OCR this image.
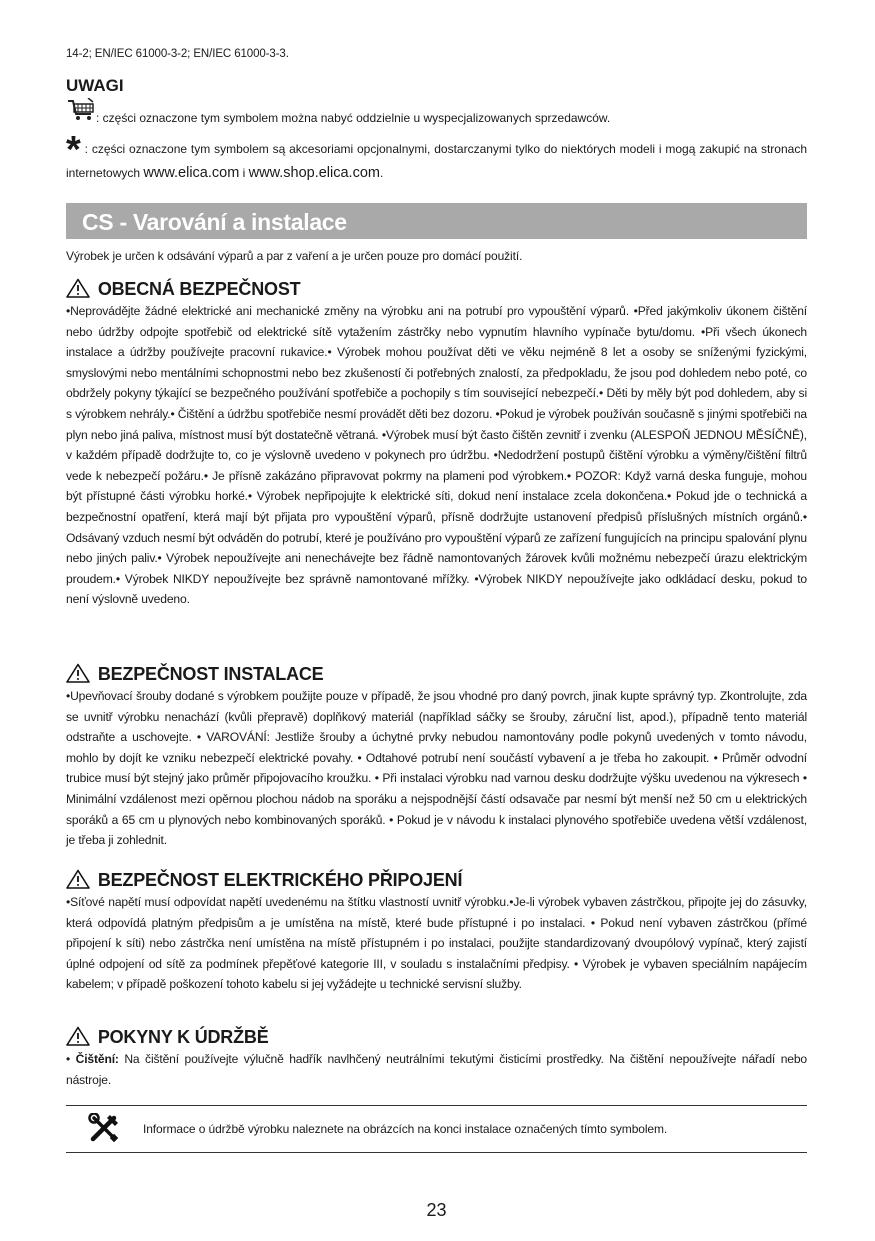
14-2; EN/IEC 61000-3-2; EN/IEC 61000-3-3.
UWAGI
: części oznaczone tym symbolem można nabyć oddzielnie u wyspecjalizowanych sprzedawców.
* : części oznaczone tym symbolem są akcesoriami opcjonalnymi, dostarczanymi tylko do niektórych modeli i mogą zakupić na stronach internetowych www.elica.com i www.shop.elica.com.
CS - Varování a instalace
Výrobek je určen k odsávání výparů a par z vaření a je určen pouze pro domácí použití.
OBECNÁ BEZPEČNOST
•Neprovádějte žádné elektrické ani mechanické změny na výrobku ani na potrubí pro vypouštění výparů. •Před jakýmkoliv úkonem čištění nebo údržby odpojte spotřebič od elektrické sítě vytažením zástrčky nebo vypnutím hlavního vypínače bytu/domu. •Při všech úkonech instalace a údržby používejte pracovní rukavice.• Výrobek mohou používat děti ve věku nejméně 8 let a osoby se sníženými fyzickými, smyslovými nebo mentálními schopnostmi nebo bez zkušeností či potřebných znalostí, za předpokladu, že jsou pod dohledem nebo poté, co obdržely pokyny týkající se bezpečného používání spotřebiče a pochopily s tím související nebezpečí.• Děti by měly být pod dohledem, aby si s výrobkem nehrály.• Čištění a údržbu spotřebiče nesmí provádět děti bez dozoru. •Pokud je výrobek používán současně s jinými spotřebiči na plyn nebo jiná paliva, místnost musí být dostatečně větraná. •Výrobek musí být často čištěn zevnitř i zvenku (ALESPOŇ JEDNOU MĚSÍČNĚ), v každém případě dodržujte to, co je výslovně uvedeno v pokynech pro údržbu. •Nedodržení postupů čištění výrobku a výměny/čištění filtrů vede k nebezpečí požáru.• Je přísně zakázáno připravovat pokrmy na plameni pod výrobkem.• POZOR: Když varná deska funguje, mohou být přístupné části výrobku horké.• Výrobek nepřipojujte k elektrické síti, dokud není instalace zcela dokončena.• Pokud jde o technická a bezpečnostní opatření, která mají být přijata pro vypouštění výparů, přísně dodržujte ustanovení předpisů příslušných místních orgánů.• Odsávaný vzduch nesmí být odváděn do potrubí, které je používáno pro vypouštění výparů ze zařízení fungujících na principu spalování plynu nebo jiných paliv.• Výrobek nepoužívejte ani nenechávejte bez řádně namontovaných žárovek kvůli možnému nebezpečí úrazu elektrickým proudem.• Výrobek NIKDY nepoužívejte bez správně namontované mřížky. •Výrobek NIKDY nepoužívejte jako odkládací desku, pokud to není výslovně uvedeno.
BEZPEČNOST INSTALACE
•Upevňovací šrouby dodané s výrobkem použijte pouze v případě, že jsou vhodné pro daný povrch, jinak kupte správný typ. Zkontrolujte, zda se uvnitř výrobku nenachází (kvůli přepravě) doplňkový materiál (například sáčky se šrouby, záruční list, apod.), případně tento materiál odstraňte a uschovejte. • VAROVÁNÍ: Jestliže šrouby a úchytné prvky nebudou namontovány podle pokynů uvedených v tomto návodu, mohlo by dojít ke vzniku nebezpečí elektrické povahy. • Odtahové potrubí není součástí vybavení a je třeba ho zakoupit. • Průměr odvodní trubice musí být stejný jako průměr připojovacího kroužku. • Při instalaci výrobku nad varnou desku dodržujte výšku uvedenou na výkresech • Minimální vzdálenost mezi opěrnou plochou nádob na sporáku a nejspodnější částí odsavače par nesmí být menší než 50 cm u elektrických sporáků a 65 cm u plynových nebo kombinovaných sporáků. • Pokud je v návodu k instalaci plynového spotřebiče uvedena větší vzdálenost, je třeba ji zohlednit.
BEZPEČNOST ELEKTRICKÉHO PŘIPOJENÍ
•Síťové napětí musí odpovídat napětí uvedenému na štítku vlastností uvnitř výrobku.•Je-li výrobek vybaven zástrčkou, připojte jej do zásuvky, která odpovídá platným předpisům a je umístěna na místě, které bude přístupné i po instalaci. • Pokud není vybaven zástrčkou (přímé připojení k síti) nebo zástrčka není umístěna na místě přístupném i po instalaci, použijte standardizovaný dvoupólový vypínač, který zajistí úplné odpojení od sítě za podmínek přepěťové kategorie III, v souladu s instalačními předpisy. • Výrobek je vybaven speciálním napájecím kabelem; v případě poškození tohoto kabelu si jej vyžádejte u technické servisní služby.
POKYNY K ÚDRŽBĚ
• Čištění: Na čištění používejte výlučně hadřík navlhčený neutrálními tekutými čisticími prostředky. Na čištění nepoužívejte nářadí nebo nástroje.
Informace o údržbě výrobku naleznete na obrázcích na konci instalace označených tímto symbolem.
23
